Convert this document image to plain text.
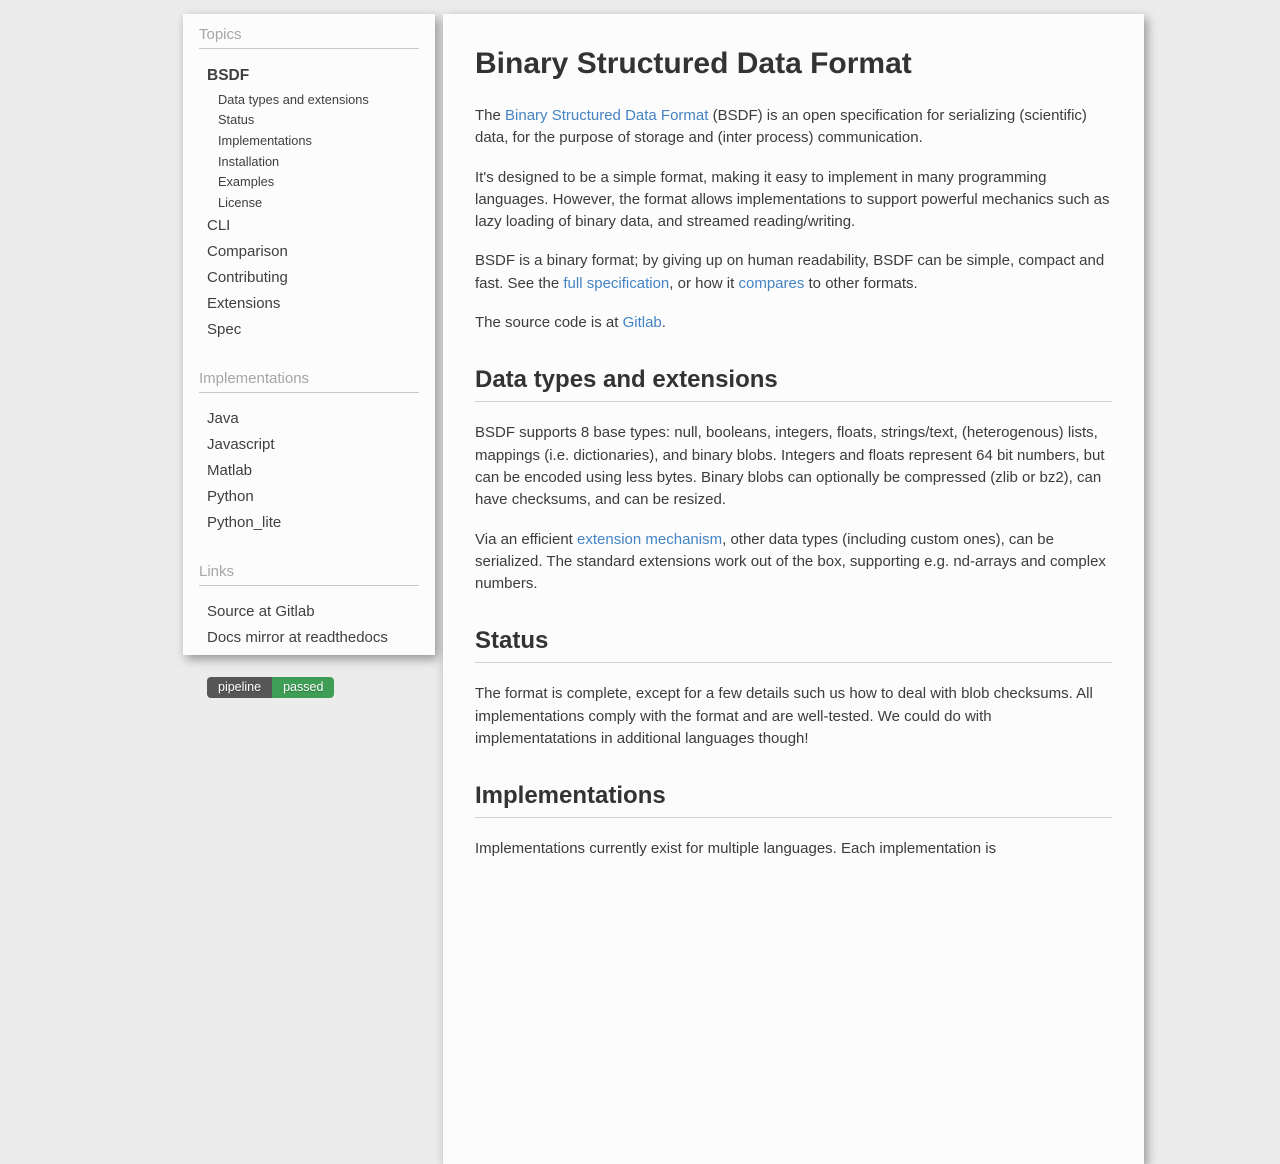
Topics
BSDF
Data types and extensions
Status
Implementations
Installation
Examples
License
CLI
Comparison
Contributing
Extensions
Spec
Implementations
Java
Javascript
Matlab
Python
Python_lite
Links
Source at Gitlab
Docs mirror at readthedocs
pipeline	passed
Binary Structured Data Format

The Binary Structured Data Format (BSDF) is an open specification for serializing (scientific) data, for the purpose of storage and (inter process) communication.

It's designed to be a simple format, making it easy to implement in many programming languages. However, the format allows implementations to support powerful mechanics such as lazy loading of binary data, and streamed reading/writing.

BSDF is a binary format; by giving up on human readability, BSDF can be simple, compact and fast. See the full specification, or how it compares to other formats.

The source code is at Gitlab.

Data types and extensions

BSDF supports 8 base types: null, booleans, integers, floats, strings/text, (heterogenous) lists, mappings (i.e. dictionaries), and binary blobs. Integers and floats represent 64 bit numbers, but can be encoded using less bytes. Binary blobs can optionally be compressed (zlib or bz2), can have checksums, and can be resized.

Via an efficient extension mechanism, other data types (including custom ones), can be serialized. The standard extensions work out of the box, supporting e.g. nd-arrays and complex numbers.

Status

The format is complete, except for a few details such us how to deal with blob checksums. All implementations comply with the format and are well-tested. We could do with implementatations in additional languages though!

Implementations

Implementations currently exist for multiple languages. Each implementation is
